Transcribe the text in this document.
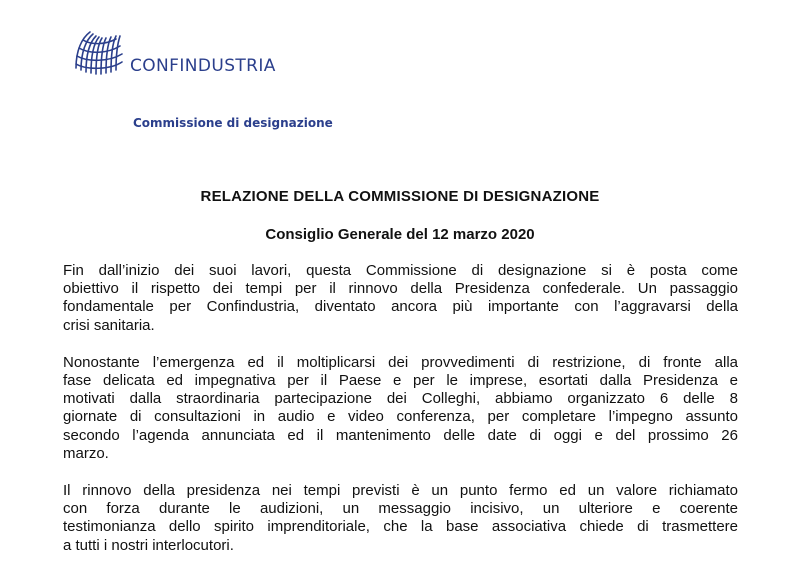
CONFINDUSTRIA
Commissione di designazione
RELAZIONE DELLA COMMISSIONE DI DESIGNAZIONE
Consiglio Generale del 12 marzo 2020

Fin dall’inizio dei suoi lavori, questa Commissione di designazione si è posta come
obiettivo il rispetto dei tempi per il rinnovo della Presidenza confederale. Un passaggio
fondamentale per Confindustria, diventato ancora più importante con l’aggravarsi della
crisi sanitaria.

Nonostante l’emergenza ed il moltiplicarsi dei provvedimenti di restrizione, di fronte alla
fase delicata ed impegnativa per il Paese e per le imprese, esortati dalla Presidenza e
motivati dalla straordinaria partecipazione dei Colleghi, abbiamo organizzato 6 delle 8
giornate di consultazioni in audio e video conferenza, per completare l’impegno assunto
secondo l’agenda annunciata ed il mantenimento delle date di oggi e del prossimo 26
marzo.

Il rinnovo della presidenza nei tempi previsti è un punto fermo ed un valore richiamato
con forza durante le audizioni, un messaggio incisivo, un ulteriore e coerente
testimonianza dello spirito imprenditoriale, che la base associativa chiede di trasmettere
a tutti i nostri interlocutori.
